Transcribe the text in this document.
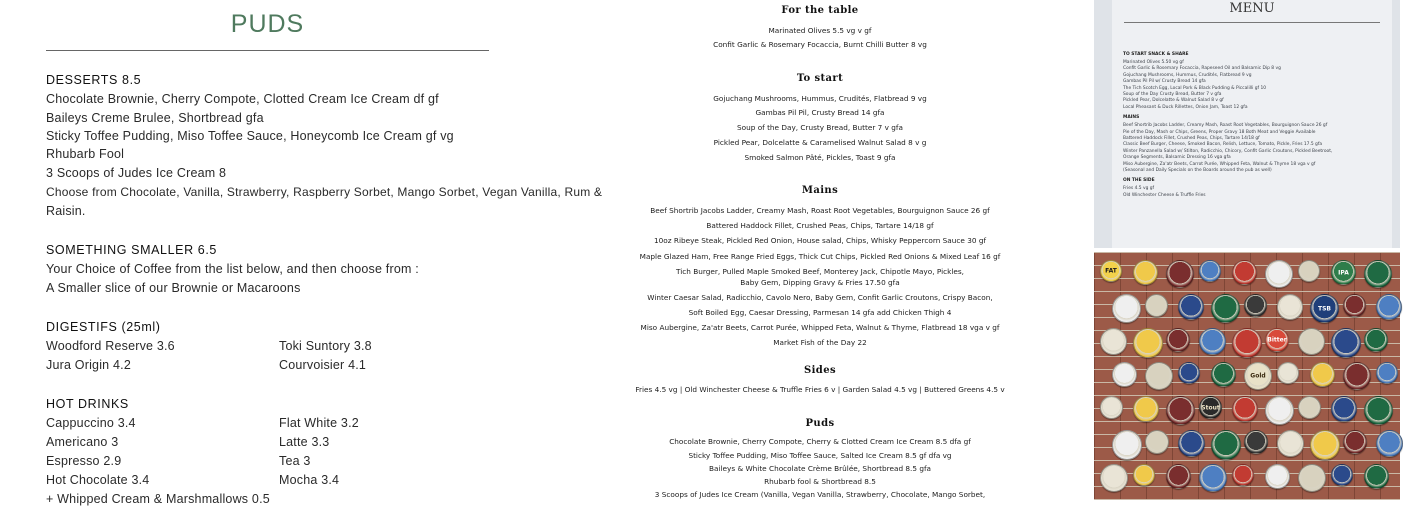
PUDS
DESSERTS 8.5
Chocolate Brownie, Cherry Compote, Clotted Cream Ice Cream df gf
Baileys Creme Brulee, Shortbread gfa
Sticky Toffee Pudding, Miso Toffee Sauce, Honeycomb Ice Cream gf vg
Rhubarb Fool
3 Scoops of Judes Ice Cream 8
Choose from Chocolate, Vanilla, Strawberry, Raspberry Sorbet, Mango Sorbet, Vegan Vanilla, Rum &
Raisin.
SOMETHING SMALLER 6.5
Your Choice of Coffee from the list below, and then choose from :
A Smaller slice of our Brownie or Macaroons
DIGESTIFS (25ml)
Woodford Reserve 3.6
Jura Origin 4.2
Toki Suntory 3.8
Courvoisier 4.1
HOT DRINKS
Cappuccino 3.4
Americano 3
Espresso 2.9
Hot Chocolate 3.4
+ Whipped Cream & Marshmallows 0.5
Flat White 3.2
Latte 3.3
Tea 3
Mocha 3.4
For the table
Marinated Olives 5.5 vg v gf
Confit Garlic & Rosemary Focaccia, Burnt Chilli Butter 8 vg
To start
Gojuchang Mushrooms, Hummus, Crudités, Flatbread 9 vg
Gambas Pil Pil, Crusty Bread 14 gfa
Soup of the Day, Crusty Bread, Butter 7 v gfa
Pickled Pear, Dolcelatte & Caramelised Walnut Salad 8 v g
Smoked Salmon Pâté, Pickles, Toast 9 gfa
Mains
Beef Shortrib Jacobs Ladder, Creamy Mash, Roast Root Vegetables, Bourguignon Sauce 26 gf
Battered Haddock Fillet, Crushed Peas, Chips, Tartare 14/18 gf
10oz Ribeye Steak, Pickled Red Onion, House salad, Chips, Whisky Peppercorn Sauce 30 gf
Maple Glazed Ham, Free Range Fried Eggs, Thick Cut Chips, Pickled Red Onions & Mixed Leaf 16 gf
Tich Burger, Pulled Maple Smoked Beef, Monterey Jack, Chipotle Mayo, Pickles,
Baby Gem, Dipping Gravy & Fries 17.50 gfa
Winter Caesar Salad, Radicchio, Cavolo Nero, Baby Gem, Confit Garlic Croutons, Crispy Bacon,
Soft Boiled Egg, Caesar Dressing, Parmesan 14 gfa add Chicken Thigh 4
Miso Aubergine, Za'atr Beets, Carrot Purée, Whipped Feta, Walnut & Thyme, Flatbread 18 vga v gf
Market Fish of the Day 22
Sides
Fries 4.5 vg | Old Winchester Cheese & Truffle Fries 6 v | Garden Salad 4.5 vg | Buttered Greens 4.5 v
Puds
Chocolate Brownie, Cherry Compote, Cherry & Clotted Cream Ice Cream 8.5 dfa gf
Sticky Toffee Pudding, Miso Toffee Sauce, Salted Ice Cream 8.5 gf dfa vg
Baileys & White Chocolate Crème Brûlée, Shortbread 8.5 gfa
Rhubarb fool & Shortbread 8.5
3 Scoops of Judes Ice Cream (Vanilla, Vegan Vanilla, Strawberry, Chocolate, Mango Sorbet,
MENU
TO START SNACK & SHARE
Marinated Olives 5.50 vg gf
Confit Garlic & Rosemary Focaccia, Rapeseed Oil and Balsamic Dip 8 vg
Gojuchang Mushrooms, Hummus, Crudités, Flatbread 9 vg
Gambas Pil Pil w/ Crusty Bread 14 gfa
The Tich Scotch Egg, Local Pork & Black Pudding & Piccalilli gf 10
Soup of the Day Crusty Bread, Butter 7 v gfa
Pickled Pear, Dolcelatte & Walnut Salad 8 v gf
Local Pheasant & Duck Rillettes, Onion Jam, Toast 12 gfa
MAINS
Beef Shortrib Jacobs Ladder, Creamy Mash, Roast Root Vegetables, Bourguignon Sauce 26 gf
Pie of the Day, Mash or Chips, Greens, Proper Gravy 18 Both Meat and Veggie Available
Battered Haddock Fillet, Crushed Peas, Chips, Tartare 14/18 gf
Classic Beef Burger, Cheese, Smoked Bacon, Relish, Lettuce, Tomato, Pickle, Fries 17.5 gfa
Winter Panzanella Salad w/ Stilton, Radicchio, Chicory, Confit Garlic Croutons, Pickled Beetroot,
Orange Segments, Balsamic Dressing 16 vga gfa
Miso Aubergine, Za'atr Beets, Carrot Purée, Whipped Feta, Walnut & Thyme 18 vga v gf
(Seasonal and Daily Specials on the Boards around the pub as well)
ON THE SIDE
Fries 4.5 vg gf
Old Winchester Cheese & Truffle Fries
FAT	IPA
TSB
Bitter
Gold
Stout
